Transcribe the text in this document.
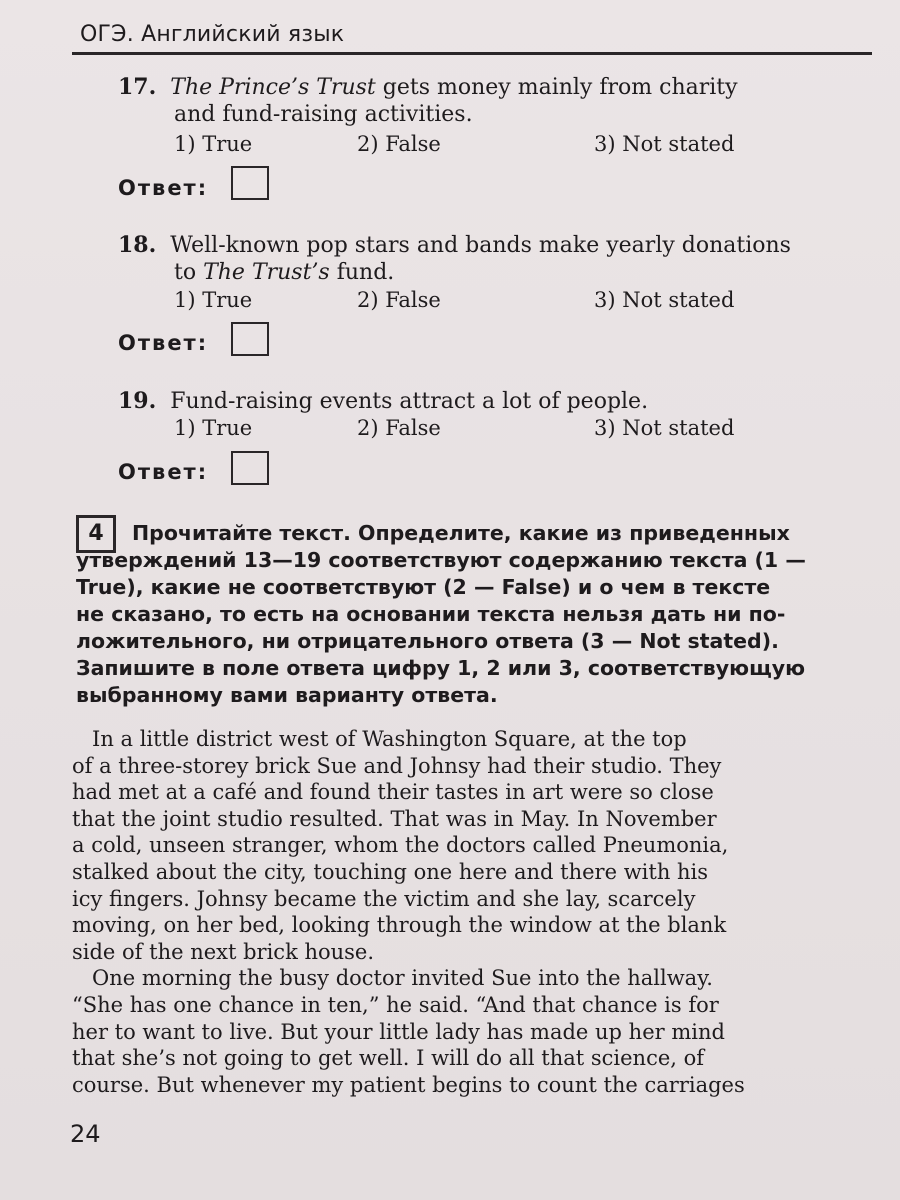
ОГЭ. Английский язык
17. The Prince’s Trust gets money mainly from charity
and fund-raising activities.
1) True	2) False	3) Not stated
Ответ:
18. Well-known pop stars and bands make yearly donations
to The Trust’s fund.
1) True	2) False	3) Not stated
Ответ:
19. Fund-raising events attract a lot of people.
1) True	2) False	3) Not stated
Ответ:
4	Прочитайте текст. Определите, какие из приведенных
утверждений 13—19 соответствуют содержанию текста (1 —
True), какие не соответствуют (2 — False) и о чем в тексте
не сказано, то есть на основании текста нельзя дать ни по-
ложительного, ни отрицательного ответа (3 — Not stated).
Запишите в поле ответа цифру 1, 2 или 3, соответствующую
выбранному вами варианту ответа.
In a little district west of Washington Square, at the top
of a three-storey brick Sue and Johnsy had their studio. They
had met at a café and found their tastes in art were so close
that the joint studio resulted. That was in May. In November
a cold, unseen stranger, whom the doctors called Pneumonia,
stalked about the city, touching one here and there with his
icy fingers. Johnsy became the victim and she lay, scarcely
moving, on her bed, looking through the window at the blank
side of the next brick house.
One morning the busy doctor invited Sue into the hallway.
“She has one chance in ten,” he said. “And that chance is for
her to want to live. But your little lady has made up her mind
that she’s not going to get well. I will do all that science, of
course. But whenever my patient begins to count the carriages
24
